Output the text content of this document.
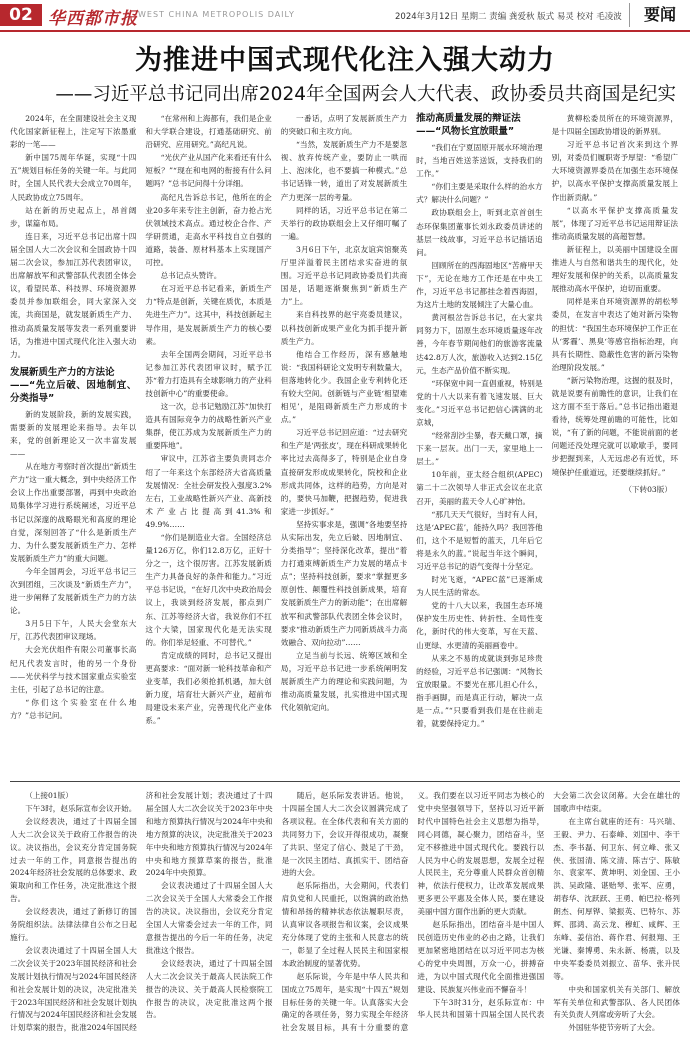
02 华西都市报 WEST CHINA METROPOLIS DAILY	2024年3月12日 星期二 责编 龚爱秋 版式 易灵 校对 毛凌波	要闻
为推进中国式现代化注入强大动力
——习近平总书记同出席2024年全国两会人大代表、政协委员共商国是纪实

2024年，在全面建设社会主义现代化国家新征程上，注定写下浓墨重彩的一笔——

新中国75周年华诞，实现“十四五”规划目标任务的关键一年。与此同时，全国人民代表大会成立70周年，人民政协成立75周年。

站在新的历史起点上，昂首阔步，谋篇布局。

连日来，习近平总书记出席十四届全国人大二次会议和全国政协十四届二次会议，参加江苏代表团审议，出席解放军和武警部队代表团全体会议，看望民革、科技界、环境资源界委员并参加联组会，同大家深入交流，共商国是，就发展新质生产力、推动高质量发展等发表一系列重要讲话，为推进中国式现代化注入强大动力。

发展新质生产力的方法论
——“先立后破、因地制宜、分类指导”

新的发展阶段，新的发展实践，需要新的发展理论来指导。去年以来，党的创新理论又一次丰富发展——

从在地方考察时首次提出“新质生产力”这一重大概念，到中央经济工作会议上作出重要部署，再到中央政治局集体学习进行系统阐述，习近平总书记以深邃的战略眼光和高度的理论自觉，深刻回答了“什么是新质生产力、为什么要发展新质生产力、怎样发展新质生产力”的重大问题。

今年全国两会，习近平总书记三次到团组，三次谈及“新质生产力”，进一步阐释了发展新质生产力的方法论。

3月5日下午，人民大会堂东大厅，江苏代表团审议现场。

大会光伏组件有限公司董事长高纪凡代表发言时，他的另一个身份——光伏科学与技术国家重点实验室主任，引起了总书记的注意。

“你们这个实验室在什么地方？”总书记问。

“在常州和上海都有，我们是企业和大学联合建设，打通基础研究、前沿研究、应用研究。”高纪凡说。

“光伏产业从国产化来看还有什么短板？”“现在和电网的衔接有什么问题吗？”总书记问得十分详细。

高纪凡告诉总书记，他所在的企业20多年来专注主创新，奋力抢占光伏领域技术高点。通过校企合作、产学研贯通，走高水平科技自立自强的道路，装备、原材料基本上实现国产可控。

总书记点头赞许。

在习近平总书记看来，新质生产力“特点是创新，关键在质优，本质是先进生产力”。这其中，科技创新起主导作用，是发展新质生产力的核心要素。

去年全国两会期间，习近平总书记参加江苏代表团审议时，赋予江苏“着力打造具有全球影响力的产业科技创新中心”的重要使命。

这一次，总书记勉励江苏“加快打造具有国际竞争力的战略性新兴产业集群，使江苏成为发展新质生产力的重要阵地”。

审议中，江苏省主要负责同志介绍了一年来这个东部经济大省高质量发展情况：全社会研发投入强度3.2%左右，工业战略性新兴产业、高新技术产业占比提高到41.3%和49.9%……

“你们是制造业大省。全国经济总量126万亿，你们12.8万亿，正好十分之一，这个很厉害。江苏发展新质生产力具备良好的条件和能力。”习近平总书记说，“在好几次中央政治局会议上，我谈到经济发展，都点到广东、江苏等经济大省，我说你们不扛这个大梁，国家现代化是无法实现的。你们举足轻重、不可替代。”

肯定成绩的同时，总书记又提出更高要求：“面对新一轮科技革命和产业变革，我们必须抢抓机遇，加大创新力度，培育壮大新兴产业，超前布局建设未来产业，完善现代化产业体系。”

一番话，点明了发展新质生产力的突破口和主攻方向。

“当然，发展新质生产力不是要忽视、放弃传统产业，要防止一哄而上、泡沫化，也不要搞一种模式。”总书记话锋一转，道出了对发展新质生产力更深一层的考量。

同样的话，习近平总书记在第二天举行的政协联组会上又仔细叮嘱了一遍。

3月6日下午，北京友谊宾馆聚英厅里洋溢着民主团结求实奋进的氛围。习近平总书记同政协委员们共商国是，话题逐渐聚焦到“新质生产力”上。

来自科技界的赵宇亮委员建议，以科技创新成果产业化为抓手提升新质生产力。

他结合工作经历，深有感触地说：“我国科研论文发明专利数量大，但落地转化少。我国企业专利转化还有较大空间。创新链与产业链‘相望难相见’，是阻碍新质生产力形成的卡点。”

习近平总书记回应道：“过去研究和生产是‘两张皮’，现在科研成果转化率比过去高得多了，特别是企业自身直接研发形成成果转化，院校和企业形成共同体，这样的趋势，方向是对的，要快马加鞭，把握趋势，促进我家进一步抓好。”

坚持实事求是，强调“各地要坚持从实际出发，先立后破、因地制宜、分类指导”；坚持深化改革，提出“着力打通束缚新质生产力发展的堵点卡点”；坚持科技创新，要求“掌握更多原创性、颠覆性科技创新成果，培育发展新质生产力的新动能”；在出席解放军和武警部队代表团全体会议时，要求“推动新质生产力同新质战斗力高效融合、双向拉动”……

立足当前与长远、统筹区域和全局，习近平总书记进一步系统阐明发展新质生产力的理论和实践问题，为推动高质量发展，扎实推进中国式现代化领航定向。

推动高质量发展的辩证法
——“风物长宜放眼量”

“我们在宁夏固原开展水环境治理时，当地百姓送茶送饭，支持我们的工作。”

“你们主要是采取什么样的治水方式？解决什么问题？”

政协联组会上，听到北京首创生态环保集团董事长刘永政委员讲述的基层一线故事，习近平总书记插话追问。

回顾所在的西海固地区“苦瘠甲天下”，无论在地方工作还是在中央工作，习近平总书记都挂念着西海固，为这片土地的发展倾注了大量心血。

黄河根岔告诉总书记，在大家共同努力下，固原生态环境质量逐年改善，今年春节期间他们的旅游客流量达42.8万人次，旅游收入达到2.15亿元，生态产品价值不断实现。

“环保宽中间一直倡重视，特别是党的十八大以来有着飞速发展、巨大变化。”习近平总书记把信心满满的北京城，

“经常刮沙尘暴，春天戴口罩，摘下来一层灰。出门一天，家里地上一层土。”

10年前，亚太经合组织(APEC)第二十二次领导人非正式会议在北京召开，美丽的蓝天令人心旷神怡。

“那几天天气很好，当时有人问，这是‘APEC蓝’，能持久吗？我回答他们，这个不是短暂的蓝天，几年后它将是永久的蓝。”说起当年这个瞬间，习近平总书记的语气变得十分坚定。

时光飞逝，“APEC蓝”已逐渐成为人民生活的常态。

党的十八大以来，我国生态环境保护发生历史性、转折性、全局性变化，新时代的伟大变革，写在天蓝、山更绿、水更清的美丽画卷中。

从来之不易的成就谈到弥足珍贵的经验，习近平总书记强调：“风物长宜放眼量。不要光在那儿担心什么，指手画脚，而是真正行动，解决一点是一点。”“只要看到我们是在往前走着，就要保持定力。”

黄柳松委员所在的环境资源界，是十四届全国政协增设的新界别。

习近平总书记首次来到这个界别，对委员们履职寄予厚望：“希望广大环境资源界委员在加强生态环境保护，以高水平保护支撑高质量发展上作出新贡献。”

“以高水平保护支撑高质量发展”，体现了习近平总书记运用辩证法推动高质量发展的高超智慧。

新征程上，以美丽中国建设全面推进人与自然和谐共生的现代化，处理好发展和保护的关系，以高质量发展推动高水平保护，迫切而重要。

同样是来自环境资源界的胡松琴委员，在发言中表达了她对新污染物的担忧：“我国生态环境保护工作正在从‘雾霾’、黑臭‘等感官指标治理，向具有长期性、隐蔽性危害的新污染物治理阶段发展。”

“新污染物治理，这握的很及时，就是说要有前瞻性的意识，让我们在这方面不至于落后。”总书记指出避退看待，统筹处理前瞻的可能性，比如说，“有了新的问题，不能说前面的老问题还没处理完就可以歇歇手，要同步把握到来，人无远虑必有近忧，环境保护任重道远，还要继续抓好。”

（下转03版）

（上接01版）

下午3时，赵乐际宣布会议开始。

会议经表决，通过了十四届全国人大二次会议关于政府工作报告的决议。决议指出，会议充分肯定国务院过去一年的工作，同意报告提出的2024年经济社会发展的总体要求、政策取向和工作任务，决定批准这个报告。

会议经表决，通过了新修订的国务院组织法。法律法律自公布之日起施行。

会议表决通过了十四届全国人大二次会议关于2023年国民经济和社会发展计划执行情况与2024年国民经济和社会发展计划的决议，决定批准关于2023年国民经济和社会发展计划执行情况与2024年国民经济和社会发展计划草案的报告，批准2024年国民经济和社会发展计划；表决通过了十四届全国人大二次会议关于2023年中央和地方预算执行情况与2024年中央和地方预算的决议，决定批准关于2023年中央和地方预算执行情况与2024年中央和地方预算草案的报告，批准2024年中央预算。

会议表决通过了十四届全国人大二次会议关于全国人大常委会工作报告的决议。决议指出，会议充分肯定全国人大常委会过去一年的工作，同意报告提出的今后一年的任务，决定批准这个报告。

会议经表决，通过了十四届全国人大二次会议关于最高人民法院工作报告的决议、关于最高人民检察院工作报告的决议，决定批准这两个报告。

随后，赵乐际发表讲话。他说，十四届全国人大二次会议圆满完成了各项议程。在全体代表和有关方面的共同努力下，会议开得很成功，凝聚了共识、坚定了信心、鼓足了干劲，是一次民主团结、真抓实干、团结奋进的大会。

赵乐际指出，大会期间，代表们肩负党和人民重托，以饱满的政治热情和昂扬的精神状态依法履职尽责，认真审议各项报告和议案，会议成果充分体现了党的主张和人民意志的统一，彰显了全过程人民民主和国家根本政治制度的显著优势。

赵乐际说，今年是中华人民共和国成立75周年，是实现“十四五”规划目标任务的关键一年。认真落实大会确定的各项任务，努力实现全年经济社会发展目标，具有十分重要的意义。我们要在以习近平同志为核心的党中央坚强领导下，坚持以习近平新时代中国特色社会主义思想为指导，同心同德，凝心聚力，团结奋斗，坚定不移推进中国式现代化。要践行以人民为中心的发展思想，发展全过程人民民主，充分尊重人民群众首创精神，依法行使权力，让改革发展成果更多更公平惠及全体人民，要在建设美丽中国方面作出新的更大贡献。

赵乐际指出，团结奋斗是中国人民创造历史伟业的必由之路，让我们更加紧密地团结在以习近平同志为核心的党中央周围，万众一心，拼搏奋进，为以中国式现代化全面推进强国建设、民族复兴伟业而不懈奋斗！

下午3时31分，赵乐际宣布：中华人民共和国第十四届全国人民代表大会第二次会议闭幕。大会在雄壮的国歌声中结束。

在主席台就座的还有：马兴瑞、王毅、尹力、石泰峰、刘国中、李干杰、李书磊、何卫东、何立峰、张又侠、张国清、陈文清、陈吉宁、陈敏尔、袁家军、黄坤明、刘金国、王小洪、吴政隆、谌贻琴、张军、应勇，胡春华、沈跃跃、王勇、帕巴拉·格列朗杰、何厚铧、梁振英、巴特尔、苏辉、邵鸿、高云龙、穆虹、咸辉、王东峰、姜信治、蒋作君、何报翔、王光谦、秦博勇、朱永新、杨震，以及中央军委委员刘振立、苗华、张升民等。

中央和国家机关有关部门、解放军有关单位和武警部队、各人民团体有关负责人列席或旁听了大会。

外国驻华使节旁听了大会。
